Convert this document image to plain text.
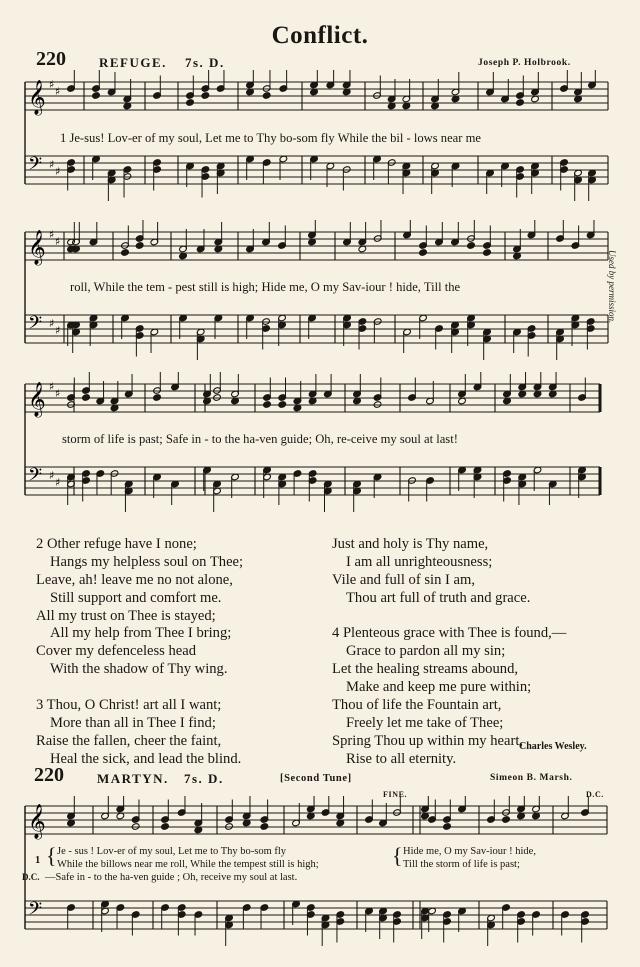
Conflict.
220	REFUGE. 7s. D.	Joseph P. Holbrook.
𝄞 ♯
♯
𝄢 ♯
♯
1 Je-sus! Lov-er of my soul, Let me to Thy bo-som fly While the bil - lows near me
𝄞 ♯
♯
𝄢 ♯
♯
roll, While the tem - pest still is high; Hide me, O my Sav-iour ! hide, Till the	Used by permission.
𝄞 ♯
♯
𝄢 ♯
♯
storm of life is past; Safe in - to the ha-ven guide; Oh, re-ceive my soul at last!
2 Other refuge have I none;
Hangs my helpless soul on Thee;
Leave, ah! leave me no not alone,
Still support and comfort me.
All my trust on Thee is stayed;
All my help from Thee I bring;
Cover my defenceless head
With the shadow of Thy wing.
3 Thou, O Christ! art all I want;
More than all in Thee I find;
Raise the fallen, cheer the faint,
Heal the sick, and lead the blind.
Just and holy is Thy name,
I am all unrighteousness;
Vile and full of sin I am,
Thou art full of truth and grace.
4 Plenteous grace with Thee is found,—
Grace to pardon all my sin;
Let the healing streams abound,
Make and keep me pure within;
Thou of life the Fountain art,
Freely let me take of Thee;
Spring Thou up within my heart,
Rise to all eternity.
Charles Wesley.
220	MARTYN. 7s. D.	[Second Tune]	Simeon B. Marsh.
FINE.	D.C.
𝄞
𝄢
1 { Je - sus ! Lov-er of my soul, Let me to Thy bo-som fly
While the billows near me roll, While the tempest still is high;	{ Hide me, O my Sav-iour ! hide,
Till the storm of life is past;
D.C. —Safe in - to the ha-ven guide ; Oh, receive my soul at last.
